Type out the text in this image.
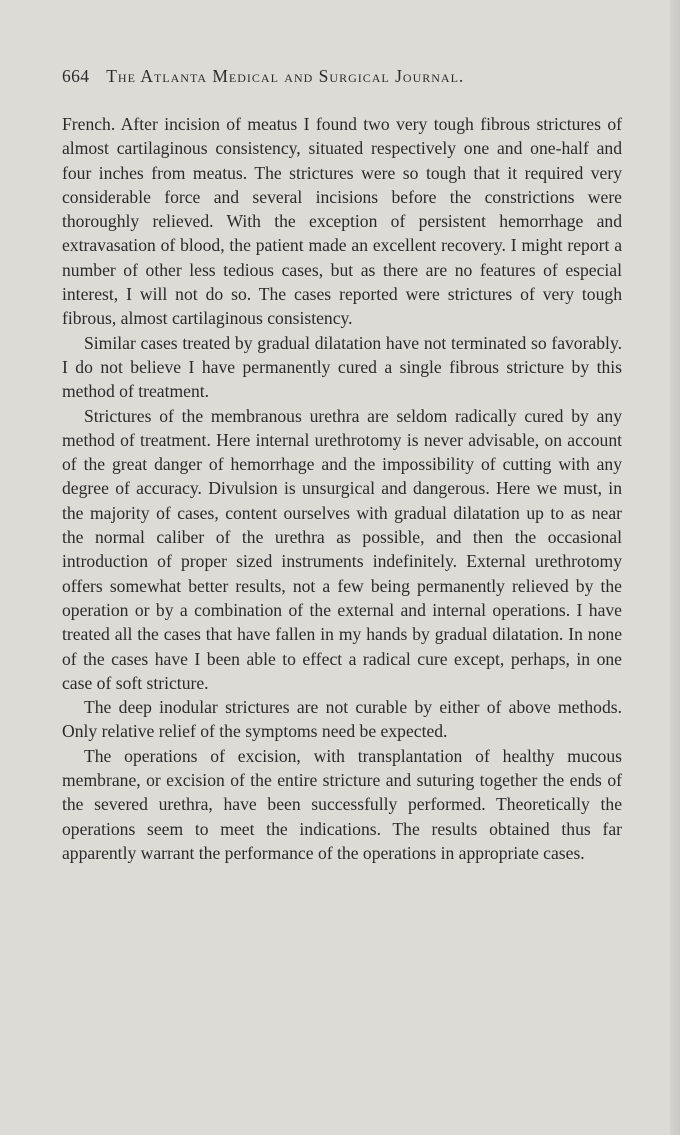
664 The Atlanta Medical and Surgical Journal.

French. After incision of meatus I found two very tough fibrous strictures of almost cartilaginous consistency, situated respectively one and one-half and four inches from meatus. The strictures were so tough that it required very considerable force and several incisions before the constrictions were thoroughly relieved. With the exception of persistent hemorrhage and extravasation of blood, the patient made an excellent recovery. I might report a number of other less tedious cases, but as there are no features of especial interest, I will not do so. The cases reported were strictures of very tough fibrous, almost cartilaginous consistency.

Similar cases treated by gradual dilatation have not terminated so favorably. I do not believe I have permanently cured a single fibrous stricture by this method of treatment.

Strictures of the membranous urethra are seldom radically cured by any method of treatment. Here internal urethrotomy is never advisable, on account of the great danger of hemorrhage and the impossibility of cutting with any degree of accuracy. Divulsion is unsurgical and dangerous. Here we must, in the majority of cases, content ourselves with gradual dilatation up to as near the normal caliber of the urethra as possible, and then the occasional introduction of proper sized instruments indefinitely. External urethrotomy offers somewhat better results, not a few being permanently relieved by the operation or by a combination of the external and internal operations. I have treated all the cases that have fallen in my hands by gradual dilatation. In none of the cases have I been able to effect a radical cure except, perhaps, in one case of soft stricture.

The deep inodular strictures are not curable by either of above methods. Only relative relief of the symptoms need be expected.

The operations of excision, with transplantation of healthy mucous membrane, or excision of the entire stricture and suturing together the ends of the severed urethra, have been successfully performed. Theoretically the operations seem to meet the indications. The results obtained thus far apparently warrant the performance of the operations in appropriate cases.
